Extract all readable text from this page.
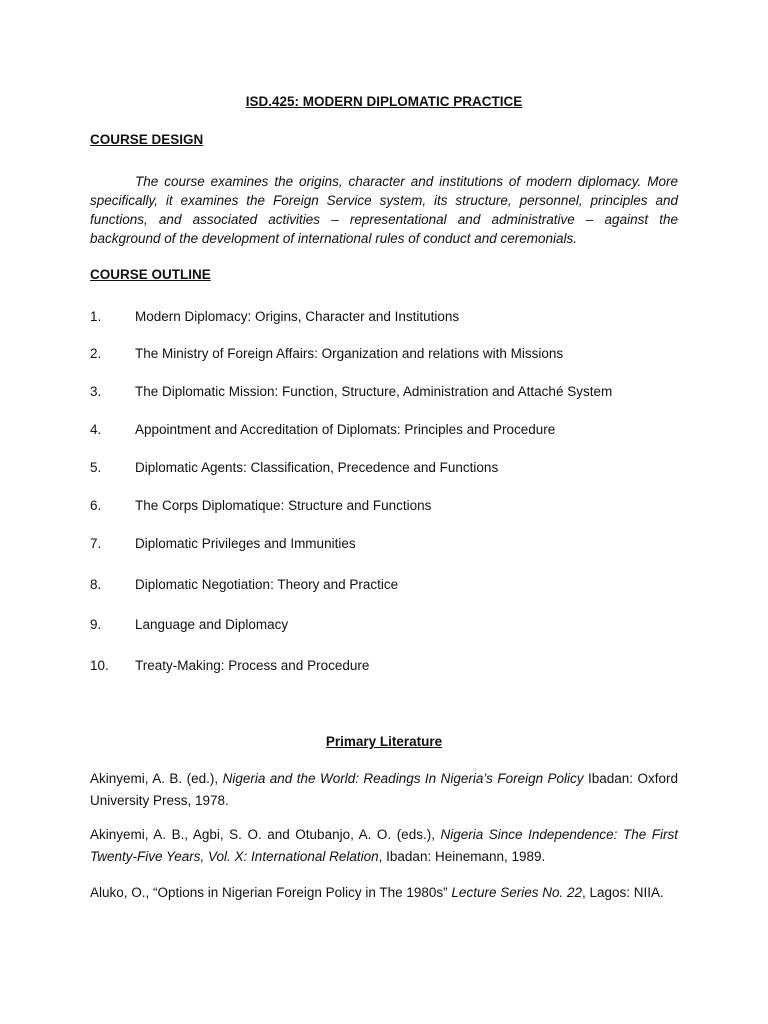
ISD.425: MODERN DIPLOMATIC PRACTICE
COURSE DESIGN
The course examines the origins, character and institutions of modern diplomacy. More specifically, it examines the Foreign Service system, its structure, personnel, principles and functions, and associated activities – representational and administrative – against the background of the development of international rules of conduct and ceremonials.
COURSE OUTLINE
1.	Modern Diplomacy: Origins, Character and Institutions
2.	The Ministry of Foreign Affairs: Organization and relations with Missions
3.	The Diplomatic Mission: Function, Structure, Administration and Attaché System
4.	Appointment and Accreditation of Diplomats: Principles and Procedure
5.	Diplomatic Agents: Classification, Precedence and Functions
6.	The Corps Diplomatique: Structure and Functions
7.	Diplomatic Privileges and Immunities
8.	Diplomatic Negotiation: Theory and Practice
9.	Language and Diplomacy
10.	Treaty-Making: Process and Procedure
Primary Literature
Akinyemi, A. B. (ed.), Nigeria and the World: Readings In Nigeria’s Foreign Policy Ibadan: Oxford University Press, 1978.
Akinyemi, A. B., Agbi, S. O. and Otubanjo, A. O. (eds.), Nigeria Since Independence: The First Twenty-Five Years, Vol. X: International Relation, Ibadan: Heinemann, 1989.
Aluko, O., “Options in Nigerian Foreign Policy in The 1980s” Lecture Series No. 22, Lagos: NIIA.
